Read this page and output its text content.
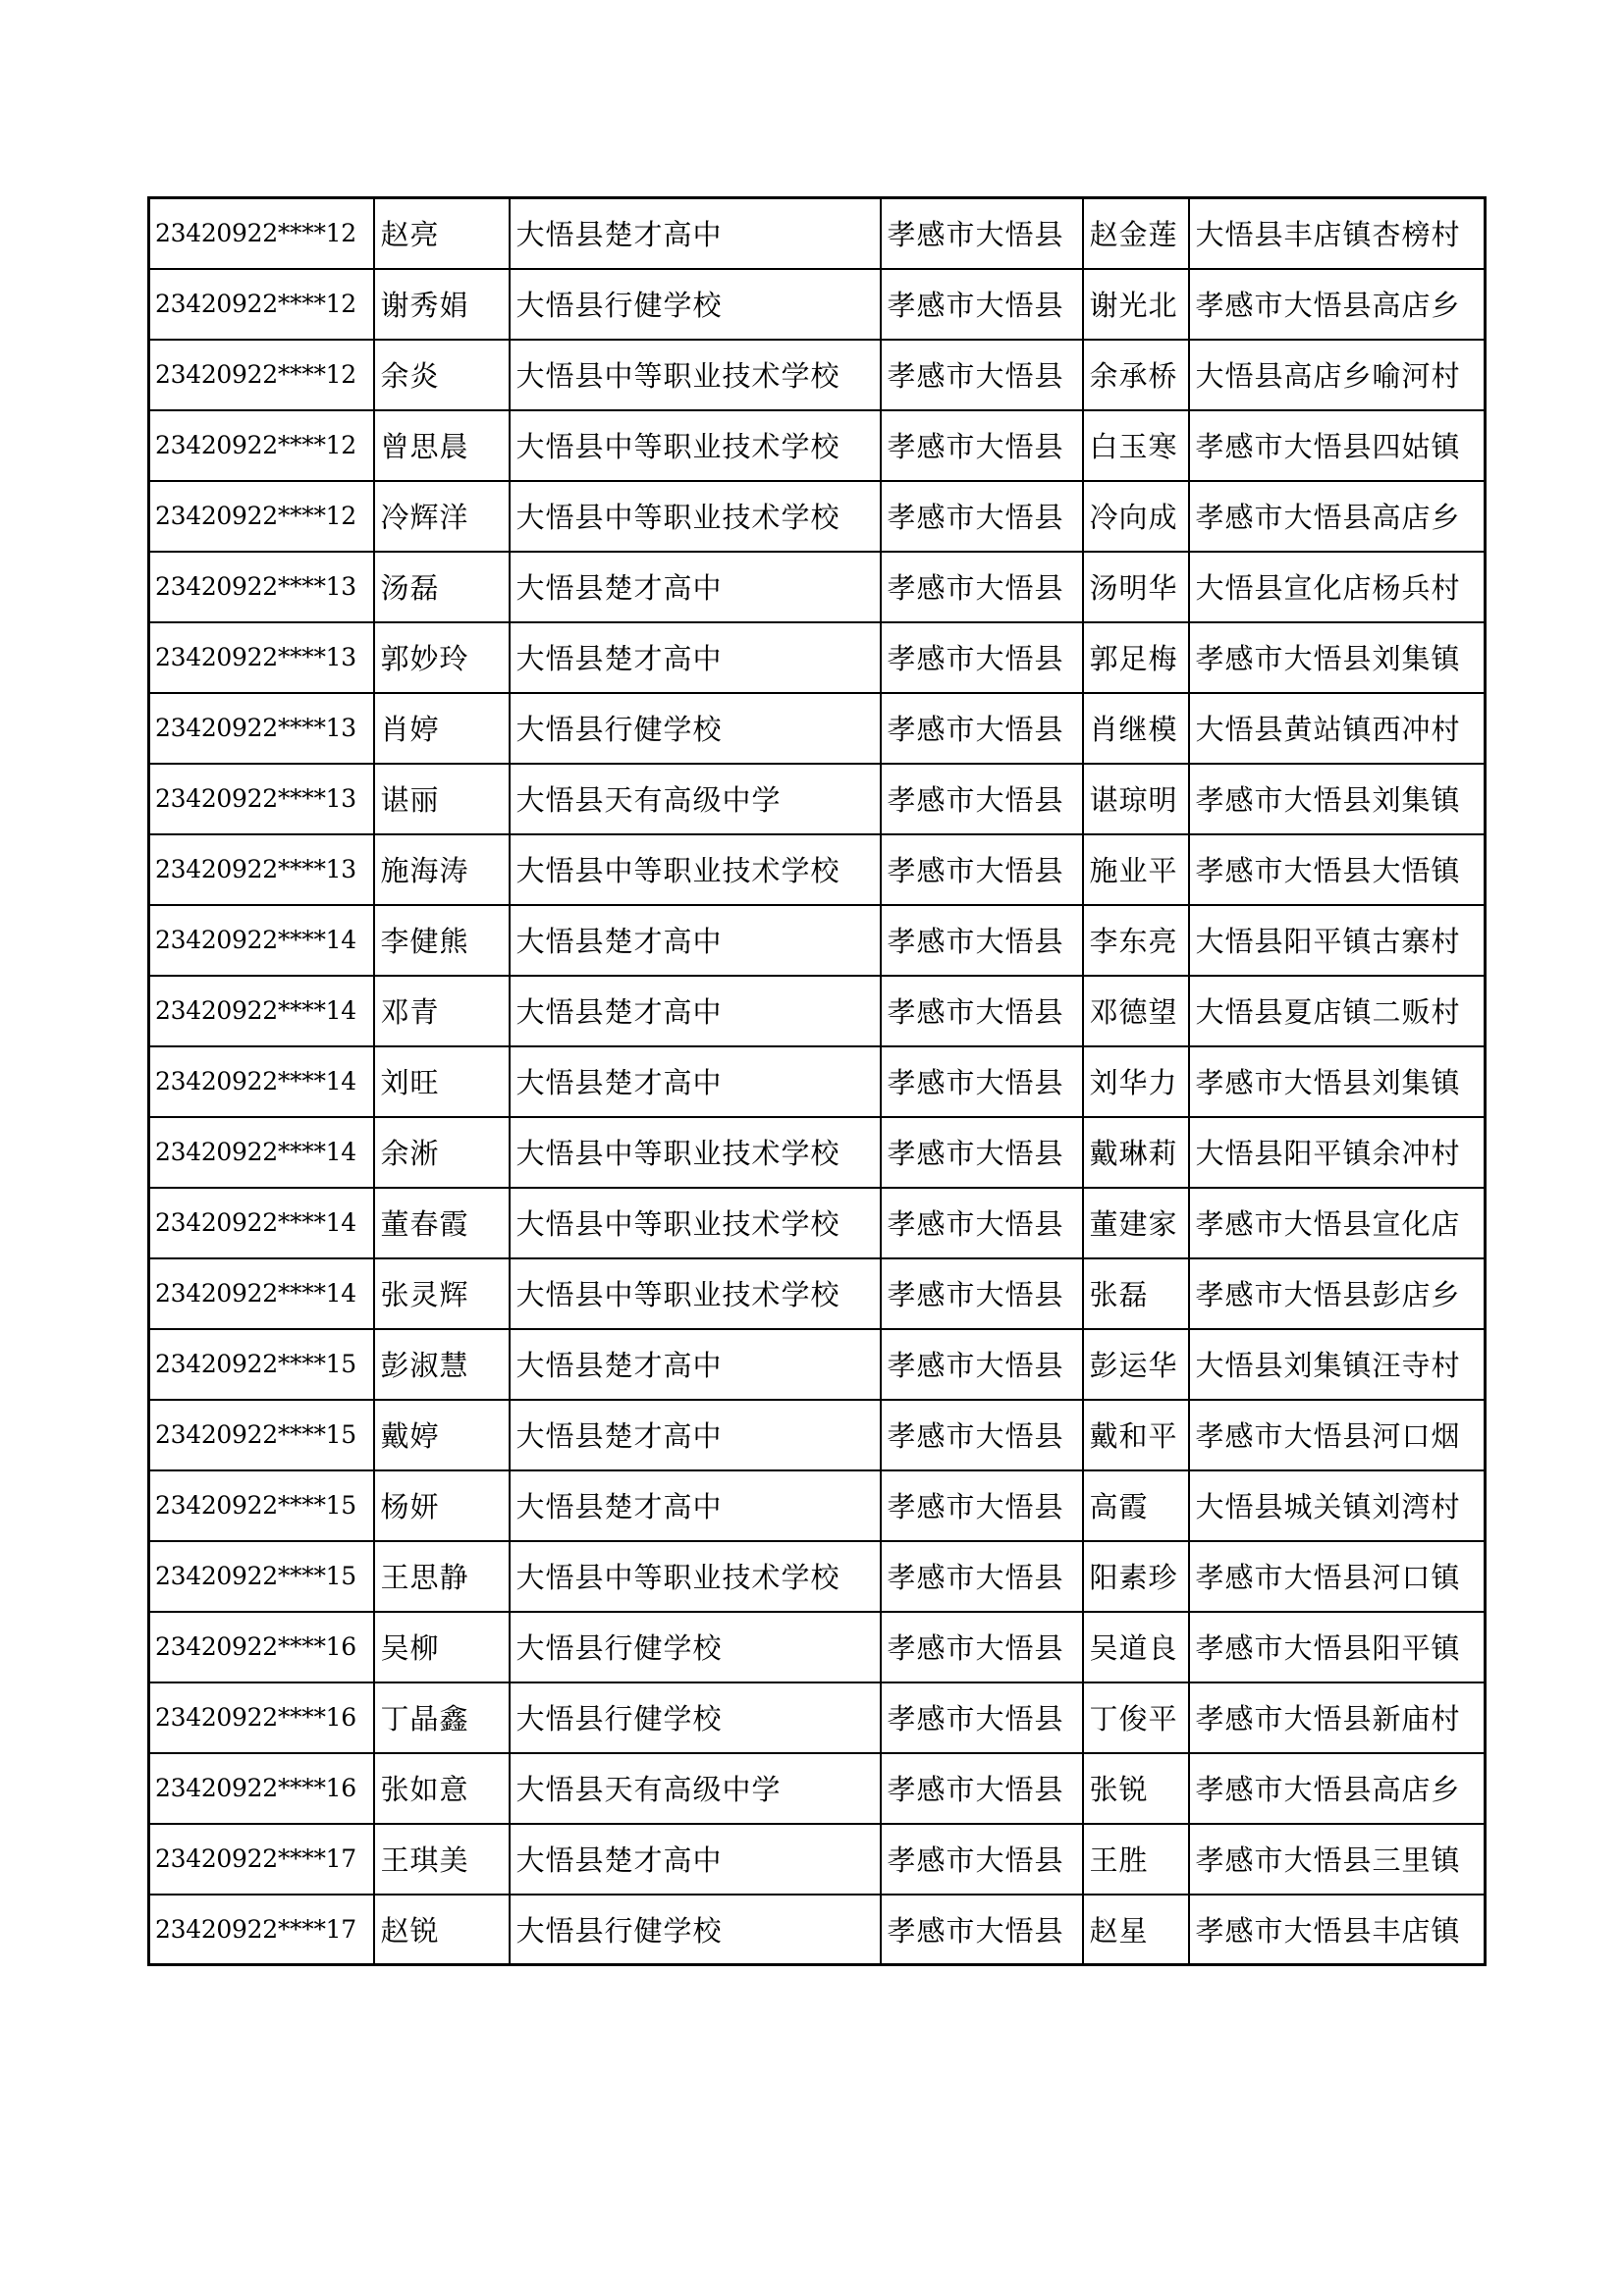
23420922****12	赵亮	大悟县楚才高中	孝感市大悟县	赵金莲	大悟县丰店镇杏榜村
23420922****12	谢秀娟	大悟县行健学校	孝感市大悟县	谢光北	孝感市大悟县高店乡
23420922****12	余炎	大悟县中等职业技术学校	孝感市大悟县	余承桥	大悟县高店乡喻河村
23420922****12	曾思晨	大悟县中等职业技术学校	孝感市大悟县	白玉寒	孝感市大悟县四姑镇
23420922****12	冷辉洋	大悟县中等职业技术学校	孝感市大悟县	冷向成	孝感市大悟县高店乡
23420922****13	汤磊	大悟县楚才高中	孝感市大悟县	汤明华	大悟县宣化店杨兵村
23420922****13	郭妙玲	大悟县楚才高中	孝感市大悟县	郭足梅	孝感市大悟县刘集镇
23420922****13	肖婷	大悟县行健学校	孝感市大悟县	肖继模	大悟县黄站镇西冲村
23420922****13	谌丽	大悟县天有高级中学	孝感市大悟县	谌琼明	孝感市大悟县刘集镇
23420922****13	施海涛	大悟县中等职业技术学校	孝感市大悟县	施业平	孝感市大悟县大悟镇
23420922****14	李健熊	大悟县楚才高中	孝感市大悟县	李东亮	大悟县阳平镇古寨村
23420922****14	邓青	大悟县楚才高中	孝感市大悟县	邓德望	大悟县夏店镇二贩村
23420922****14	刘旺	大悟县楚才高中	孝感市大悟县	刘华力	孝感市大悟县刘集镇
23420922****14	余淅	大悟县中等职业技术学校	孝感市大悟县	戴琳莉	大悟县阳平镇余冲村
23420922****14	董春霞	大悟县中等职业技术学校	孝感市大悟县	董建家	孝感市大悟县宣化店
23420922****14	张灵辉	大悟县中等职业技术学校	孝感市大悟县	张磊	孝感市大悟县彭店乡
23420922****15	彭淑慧	大悟县楚才高中	孝感市大悟县	彭运华	大悟县刘集镇汪寺村
23420922****15	戴婷	大悟县楚才高中	孝感市大悟县	戴和平	孝感市大悟县河口烟
23420922****15	杨妍	大悟县楚才高中	孝感市大悟县	高霞	大悟县城关镇刘湾村
23420922****15	王思静	大悟县中等职业技术学校	孝感市大悟县	阳素珍	孝感市大悟县河口镇
23420922****16	吴柳	大悟县行健学校	孝感市大悟县	吴道良	孝感市大悟县阳平镇
23420922****16	丁晶鑫	大悟县行健学校	孝感市大悟县	丁俊平	孝感市大悟县新庙村
23420922****16	张如意	大悟县天有高级中学	孝感市大悟县	张锐	孝感市大悟县高店乡
23420922****17	王琪美	大悟县楚才高中	孝感市大悟县	王胜	孝感市大悟县三里镇
23420922****17	赵锐	大悟县行健学校	孝感市大悟县	赵星	孝感市大悟县丰店镇
